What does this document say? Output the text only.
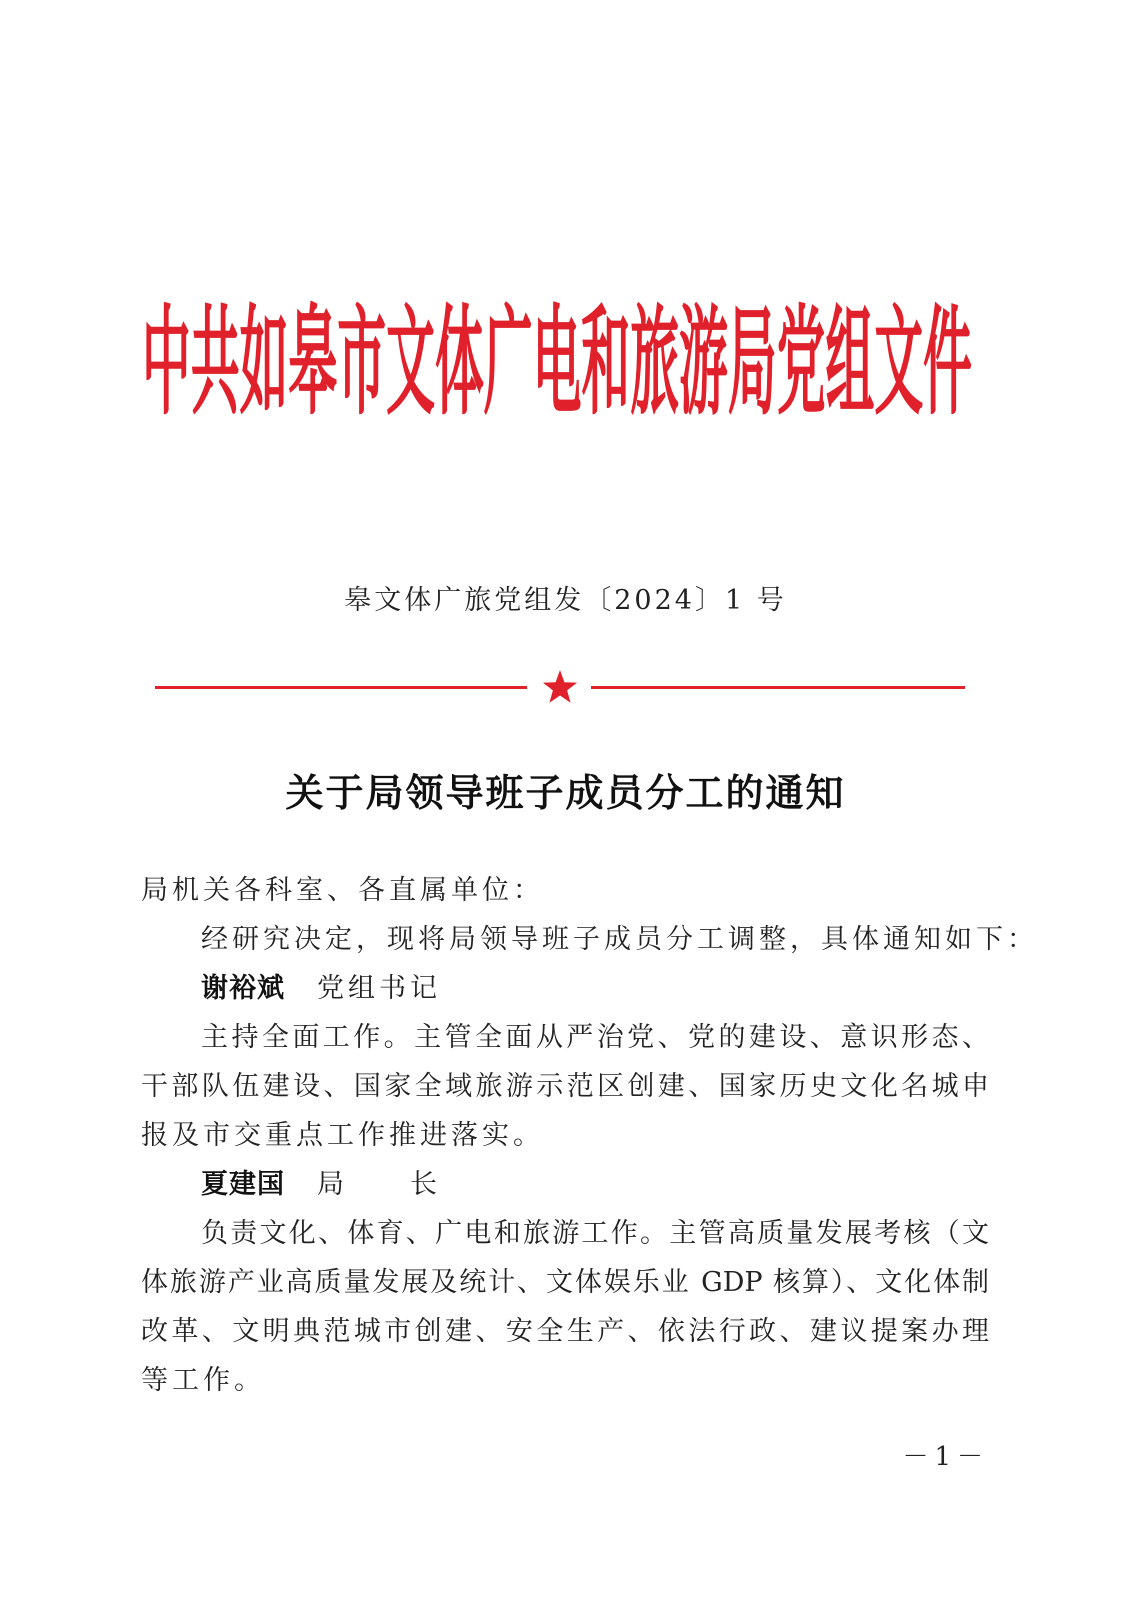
中共如皋市文体广电和旅游局党组文件
皋文体广旅党组发〔2024〕1 号
关于局领导班子成员分工的通知
局机关各科室、各直属单位：
经研究决定，现将局领导班子成员分工调整，具体通知如下：
谢裕斌 党组书记
主持全面工作。主管全面从严治党、党的建设、意识形态、
干部队伍建设、国家全域旅游示范区创建、国家历史文化名城申
报及市交重点工作推进落实。
夏建国 局 长
负责文化、体育、广电和旅游工作。主管高质量发展考核（文
体旅游产业高质量发展及统计、文体娱乐业 GDP 核算）、文化体制
改革、文明典范城市创建、安全生产、依法行政、建议提案办理
等工作。
－1－
